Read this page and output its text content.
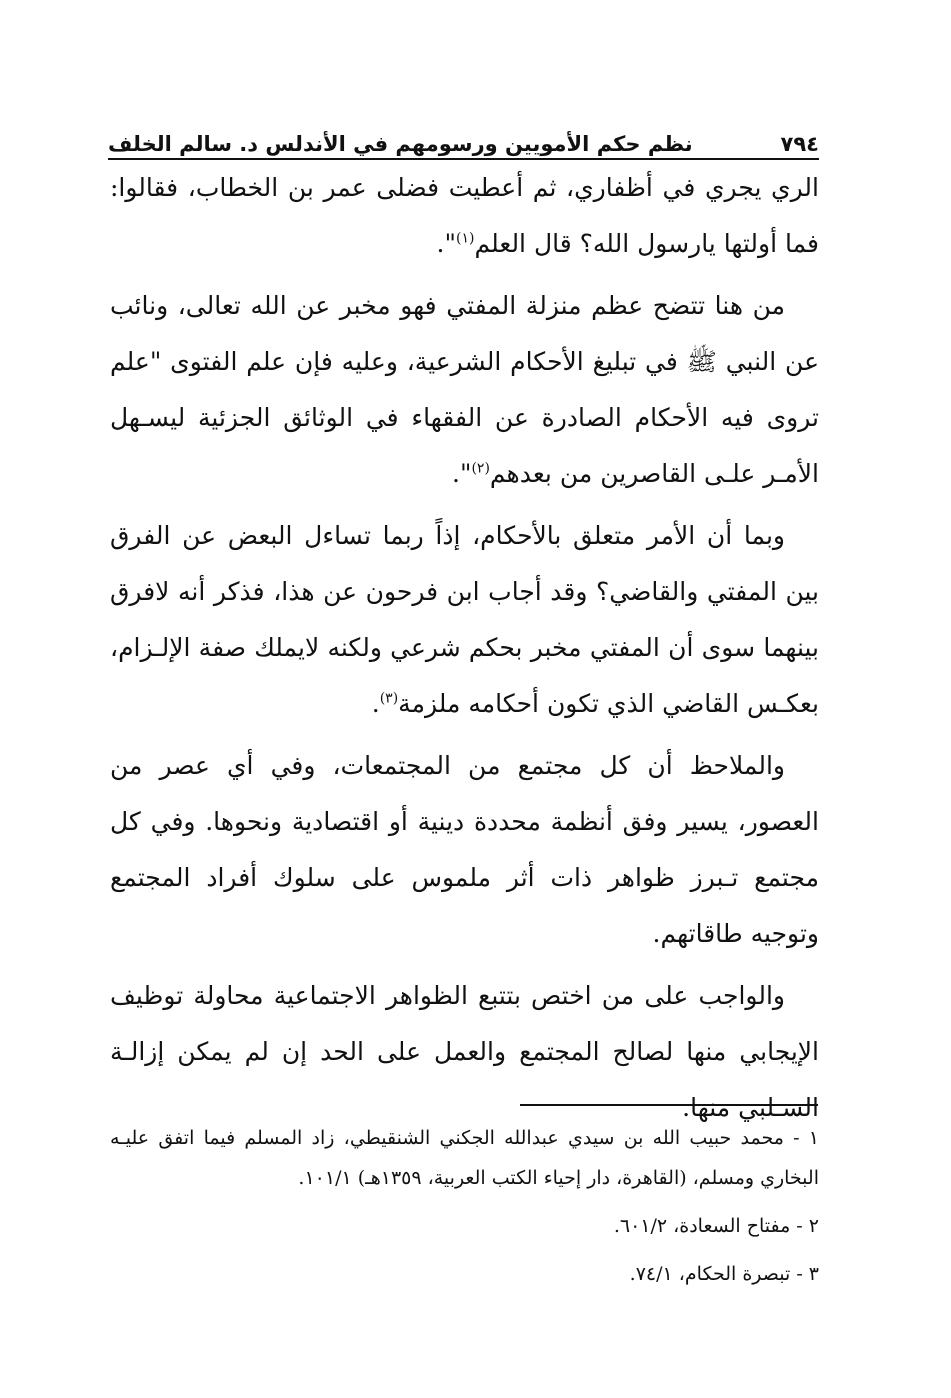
٧٩٤
نظم حكم الأمويين ورسومهم في الأندلس د. سالم الخلف

الري يجري في أظفاري، ثم أعطيت فضلى عمر بن الخطاب، فقالوا: فما أولتها يارسول الله؟ قال العلم$^{(١)}$".

من هنا تتضح عظم منزلة المفتي فهو مخبر عن الله تعالى، ونائب عن النبي ﷺ في تبليغ الأحكام الشرعية، وعليه فإن علم الفتوى "علم تروى فيه الأحكام الصادرة عن الفقهاء في الوثائق الجزئية ليسـهل الأمـر علـى القاصرين من بعدهم$^{(٢)}$".

وبما أن الأمر متعلق بالأحكام، إذاً ربما تساءل البعض عن الفرق بين المفتي والقاضي؟ وقد أجاب ابن فرحون عن هذا، فذكر أنه لافرق بينهما سوى أن المفتي مخبر بحكم شرعي ولكنه لايملك صفة الإلـزام، بعكـس القاضي الذي تكون أحكامه ملزمة$^{(٣)}$.

والملاحظ أن كل مجتمع من المجتمعات، وفي أي عصر من العصور، يسير وفق أنظمة محددة دينية أو اقتصادية ونحوها. وفي كل مجتمع تـبرز ظواهر ذات أثر ملموس على سلوك أفراد المجتمع وتوجيه طاقاتهم.

والواجب على من اختص بتتبع الظواهر الاجتماعية محاولة توظيف الإيجابي منها لصالح المجتمع والعمل على الحد إن لم يمكن إزالـة السـلبي منها.

١ - محمد حبيب الله بن سيدي عبدالله الجكني الشنقيطي، زاد المسلم فيما اتفق عليـه البخاري ومسلم، (القاهرة، دار إحياء الكتب العربية، ١٣٥٩هـ) ١٠١/١.

٢ - مفتاح السعادة، ٦٠١/٢.

٣ - تبصرة الحكام، ٧٤/١.
